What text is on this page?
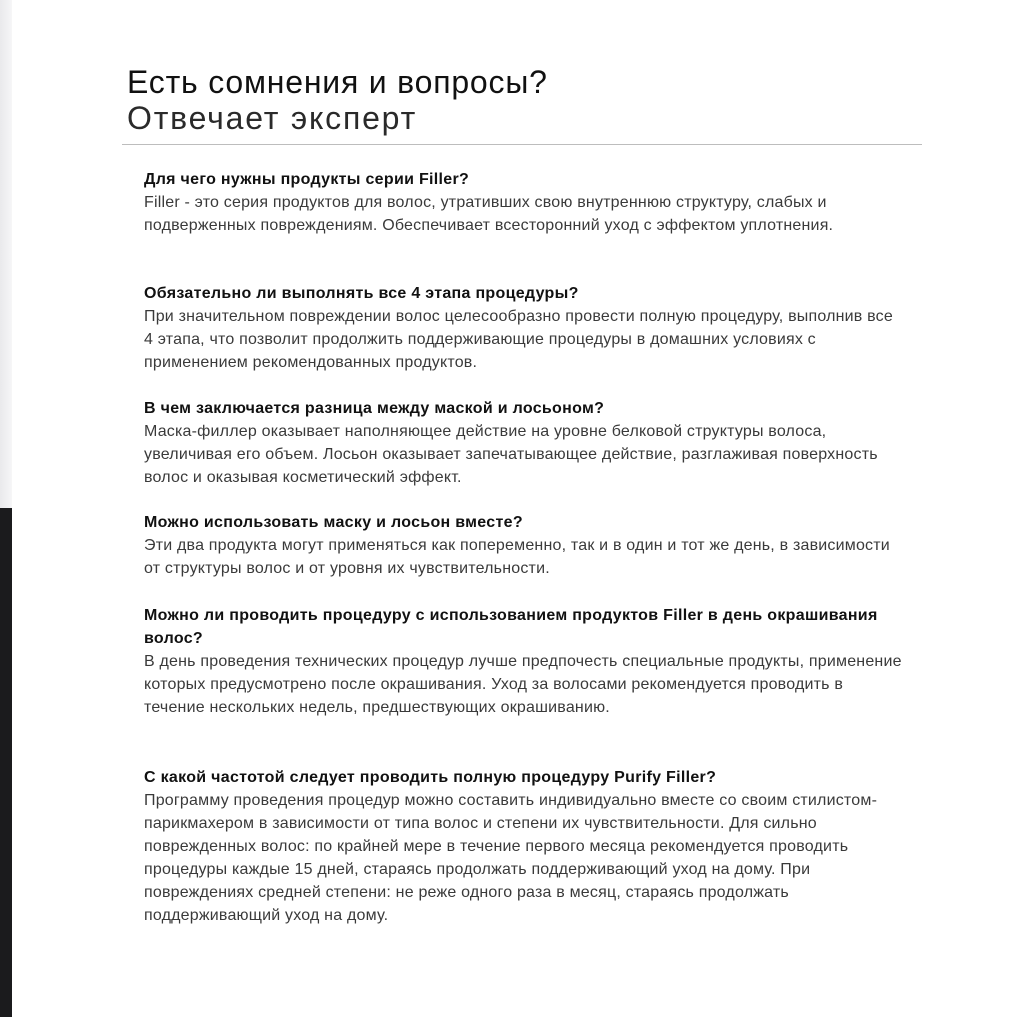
Есть сомнения и вопросы?
Отвечает эксперт

Для чего нужны продукты серии Filler?

Filler - это серия продуктов для волос, утративших свою внутреннюю структуру, слабых и подверженных повреждениям. Обеспечивает всесторонний уход с эффектом уплотнения.

Обязательно ли выполнять все 4 этапа процедуры?

При значительном повреждении волос целесообразно провести полную процедуру, выполнив все 4 этапа, что позволит продолжить поддерживающие процедуры в домашних условиях с применением рекомендованных продуктов.

В чем заключается разница между маской и лосьоном?

Маска-филлер оказывает наполняющее действие на уровне белковой структуры волоса, увеличивая его объем. Лосьон оказывает запечатывающее действие, разглаживая поверхность волос и оказывая косметический эффект.

Можно использовать маску и лосьон вместе?

Эти два продукта могут применяться как попеременно, так и в один и тот же день, в зависимости от структуры волос и от уровня их чувствительности.

Можно ли проводить процедуру с использованием продуктов Filler в день окрашивания волос?

В день проведения технических процедур лучше предпочесть специальные продукты, применение которых предусмотрено после окрашивания. Уход за волосами рекомендуется проводить в течение нескольких недель, предшествующих окрашиванию.

С какой частотой следует проводить полную процедуру Purify Filler?

Программу проведения процедур можно составить индивидуально вместе со своим стилистом-парикмахером в зависимости от типа волос и степени их чувствительности. Для сильно поврежденных волос: по крайней мере в течение первого месяца рекомендуется проводить процедуры каждые 15 дней, стараясь продолжать поддерживающий уход на дому. При повреждениях средней степени: не реже одного раза в месяц, стараясь продолжать поддерживающий уход на дому.
